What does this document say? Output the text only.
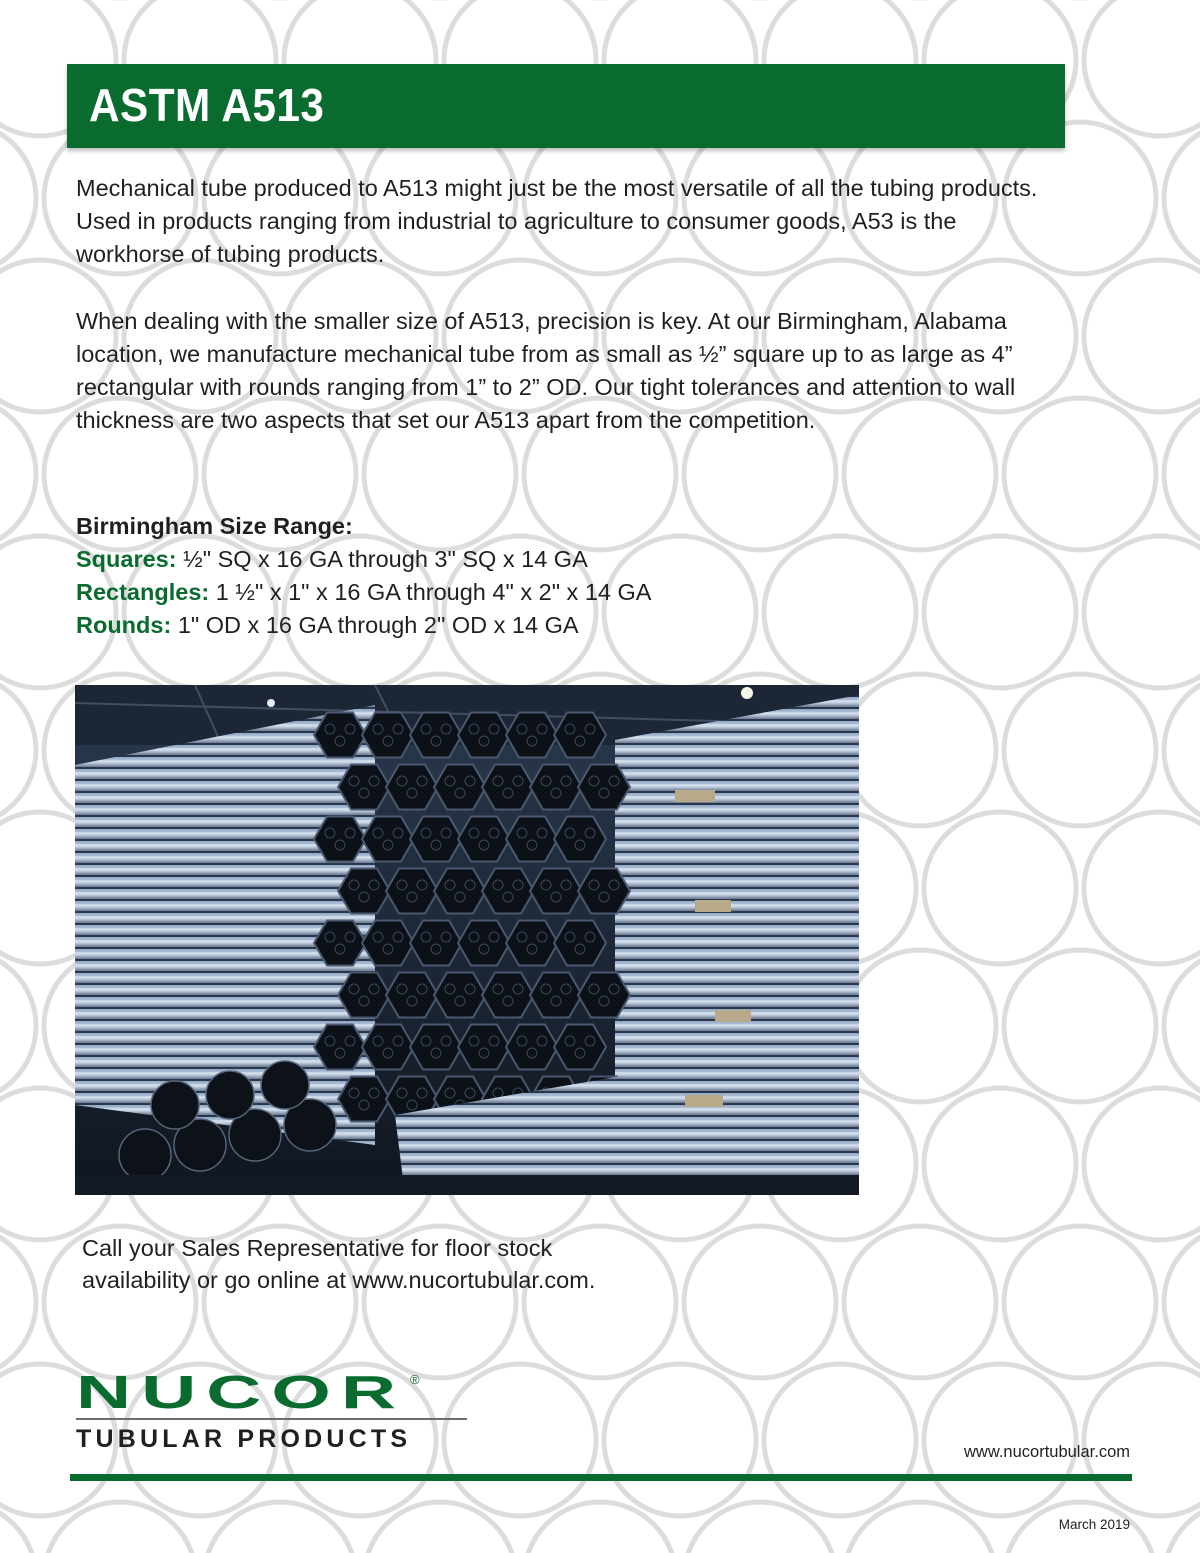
ASTM A513

Mechanical tube produced to A513 might just be the most versatile of all the tubing products. Used in products ranging from industrial to agriculture to consumer goods, A53 is the workhorse of tubing products.

When dealing with the smaller size of A513, precision is key. At our Birmingham, Alabama location, we manufacture mechanical tube from as small as ½” square up to as large as 4” rectangular with rounds ranging from 1” to 2” OD. Our tight tolerances and attention to wall thickness are two aspects that set our A513 apart from the competition.

Birmingham Size Range:
Squares: ½" SQ x 16 GA through 3" SQ x 14 GA
Rectangles: 1 ½" x 1" x 16 GA through 4" x 2" x 14 GA
Rounds: 1" OD x 16 GA through 2" OD x 14 GA
Call your Sales Representative for floor stock
availability or go online at www.nucortubular.com.
NUCOR ®
TUBULAR PRODUCTS	www.nucortubular.com
March 2019
